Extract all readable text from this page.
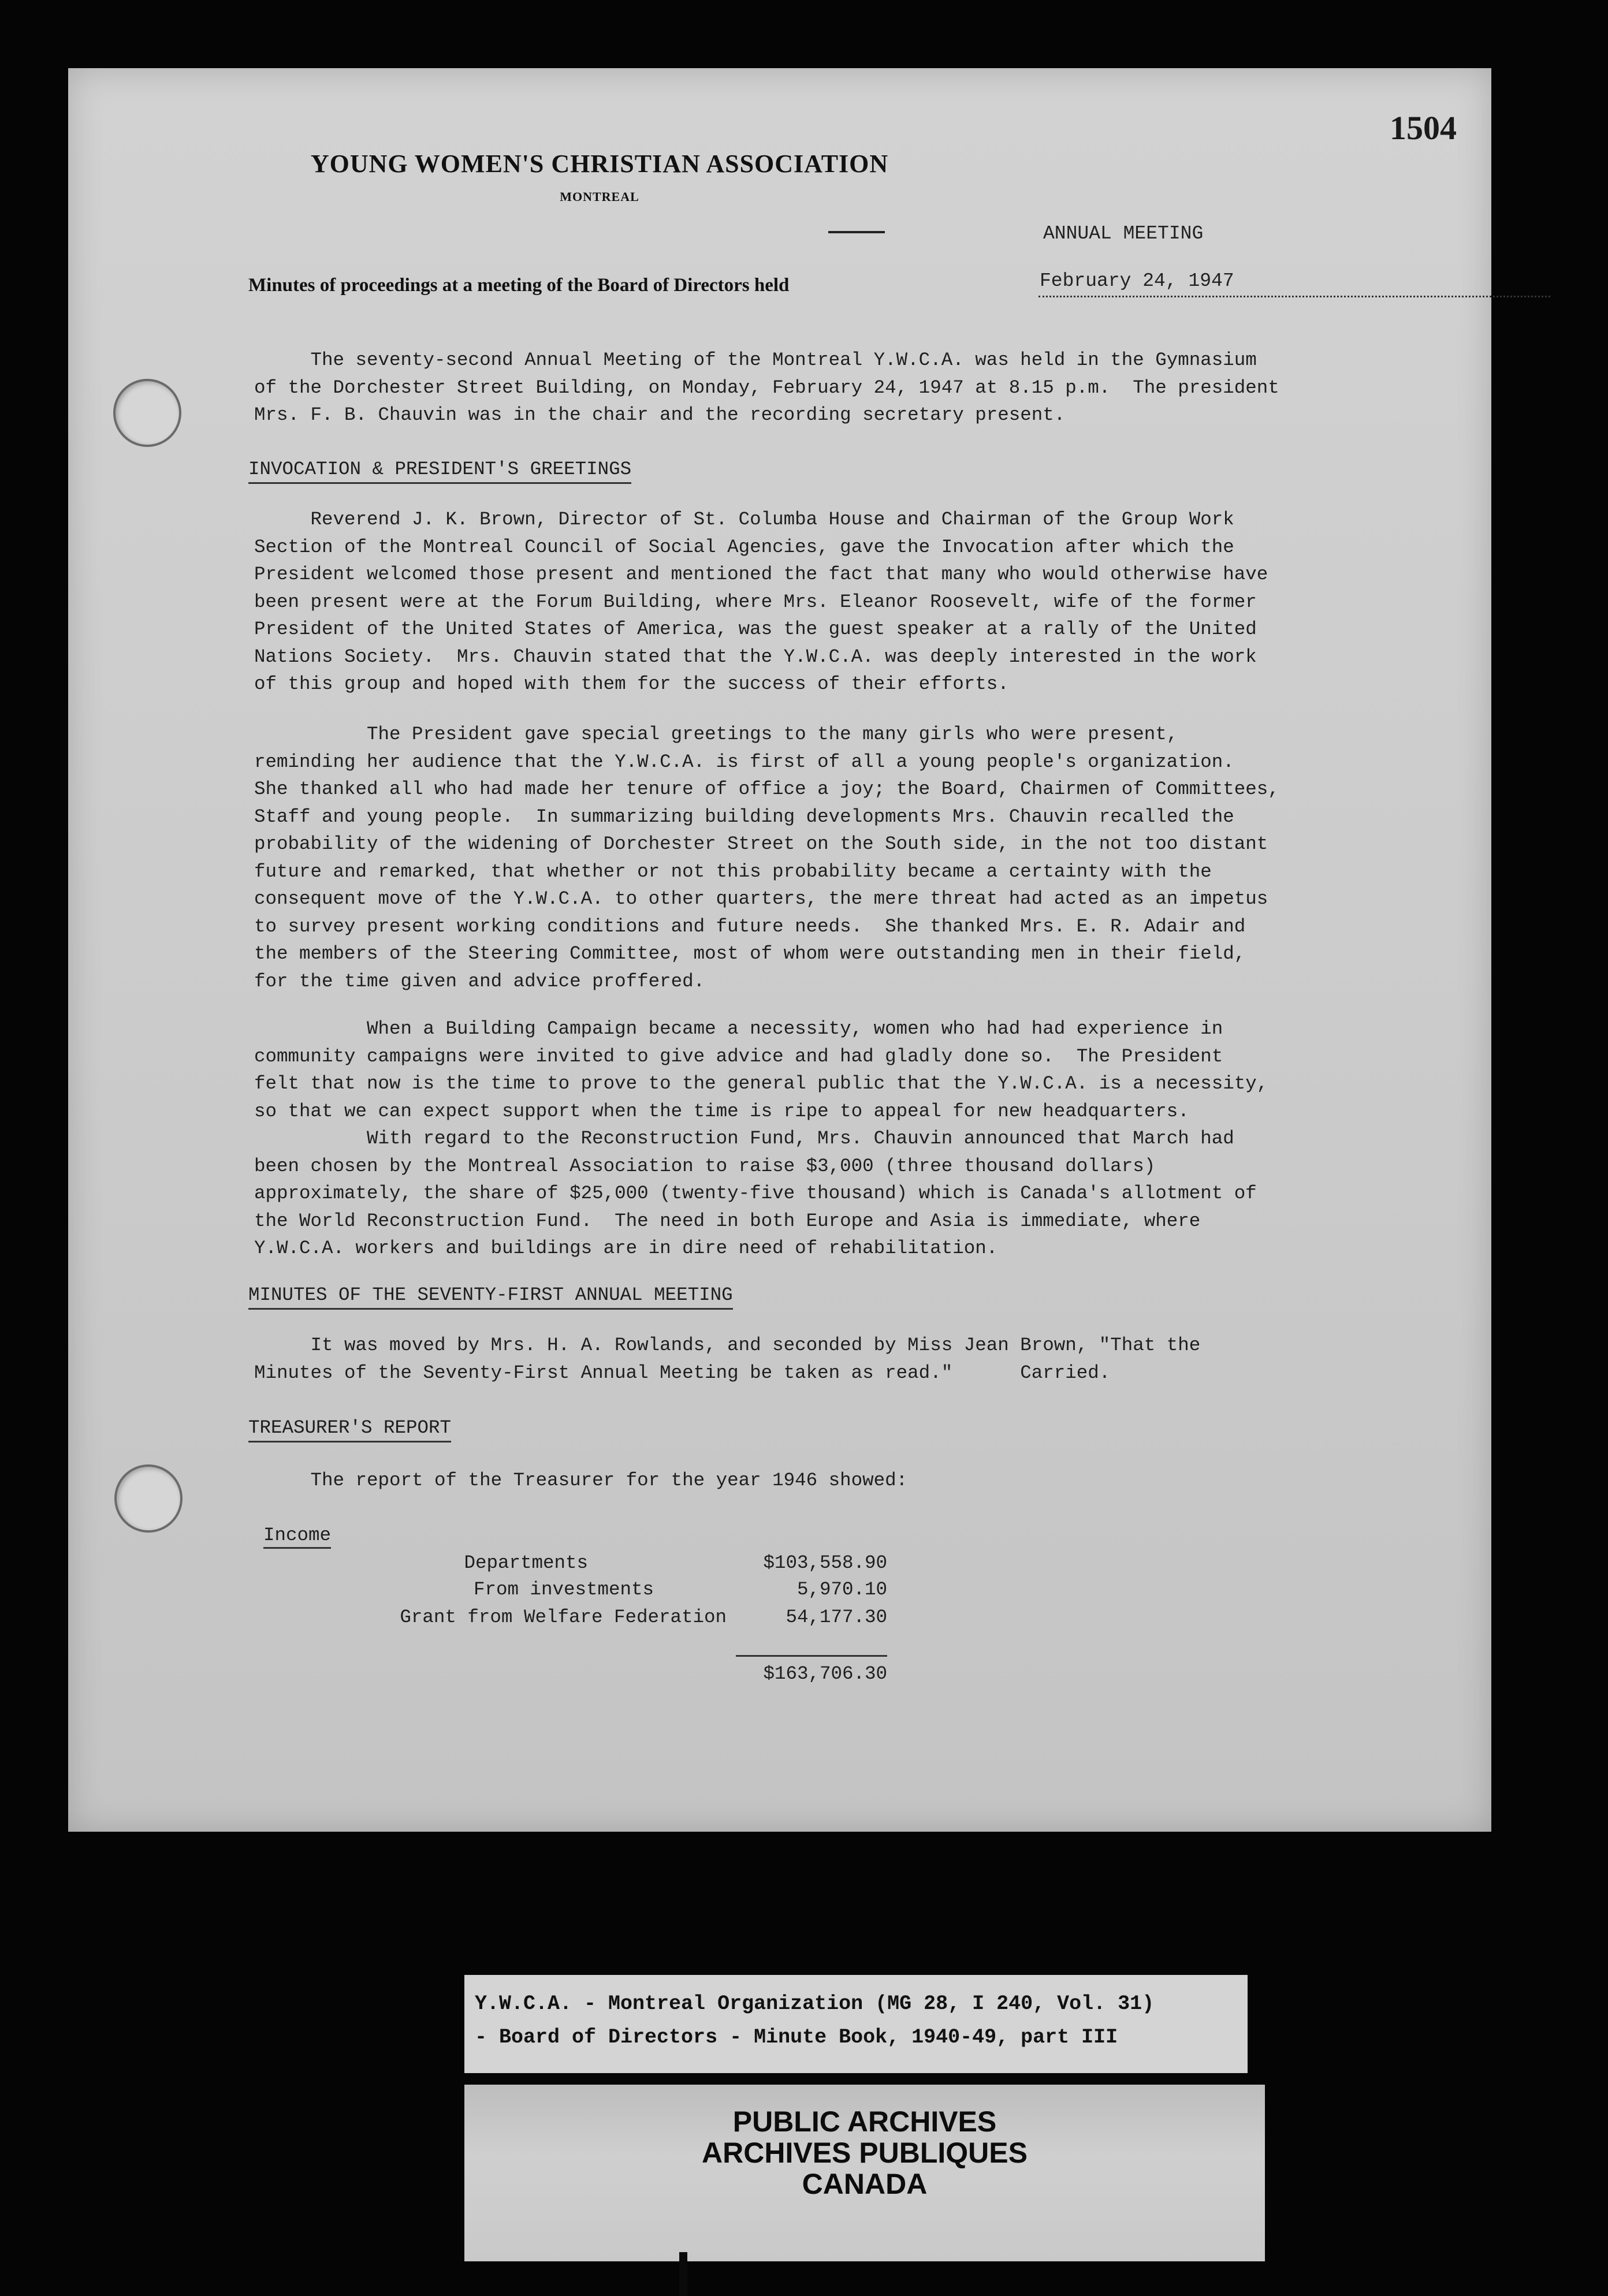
1504
YOUNG WOMEN'S CHRISTIAN ASSOCIATION
MONTREAL
ANNUAL MEETING
Minutes of proceedings at a meeting of the Board of Directors held	February 24, 1947

The seventy-second Annual Meeting of the Montreal Y.W.C.A. was held in the Gymnasium
of the Dorchester Street Building, on Monday, February 24, 1947 at 8.15 p.m.  The president
Mrs. F. B. Chauvin was in the chair and the recording secretary present.

INVOCATION & PRESIDENT'S GREETINGS

Reverend J. K. Brown, Director of St. Columba House and Chairman of the Group Work
Section of the Montreal Council of Social Agencies, gave the Invocation after which the
President welcomed those present and mentioned the fact that many who would otherwise have
been present were at the Forum Building, where Mrs. Eleanor Roosevelt, wife of the former
President of the United States of America, was the guest speaker at a rally of the United
Nations Society.  Mrs. Chauvin stated that the Y.W.C.A. was deeply interested in the work
of this group and hoped with them for the success of their efforts.

The President gave special greetings to the many girls who were present,
reminding her audience that the Y.W.C.A. is first of all a young people's organization.
She thanked all who had made her tenure of office a joy; the Board, Chairmen of Committees,
Staff and young people.  In summarizing building developments Mrs. Chauvin recalled the
probability of the widening of Dorchester Street on the South side, in the not too distant
future and remarked, that whether or not this probability became a certainty with the
consequent move of the Y.W.C.A. to other quarters, the mere threat had acted as an impetus
to survey present working conditions and future needs.  She thanked Mrs. E. R. Adair and
the members of the Steering Committee, most of whom were outstanding men in their field,
for the time given and advice proffered.

When a Building Campaign became a necessity, women who had had experience in
community campaigns were invited to give advice and had gladly done so.  The President
felt that now is the time to prove to the general public that the Y.W.C.A. is a necessity,
so that we can expect support when the time is ripe to appeal for new headquarters.
With regard to the Reconstruction Fund, Mrs. Chauvin announced that March had
been chosen by the Montreal Association to raise $3,000 (three thousand dollars)
approximately, the share of $25,000 (twenty-five thousand) which is Canada's allotment of
the World Reconstruction Fund.  The need in both Europe and Asia is immediate, where
Y.W.C.A. workers and buildings are in dire need of rehabilitation.

MINUTES OF THE SEVENTY-FIRST ANNUAL MEETING

It was moved by Mrs. H. A. Rowlands, and seconded by Miss Jean Brown, "That the
Minutes of the Seventy-First Annual Meeting be taken as read."      Carried.

TREASURER'S REPORT

The report of the Treasurer for the year 1946 showed:

Income
Departments	$103,558.90
From investments	5,970.10
Grant from Welfare Federation	54,177.30
$163,706.30

Y.W.C.A. - Montreal Organization (MG 28, I 240, Vol. 31)

- Board of Directors - Minute Book, 1940-49, part III

PUBLIC ARCHIVES
ARCHIVES PUBLIQUES
CANADA
